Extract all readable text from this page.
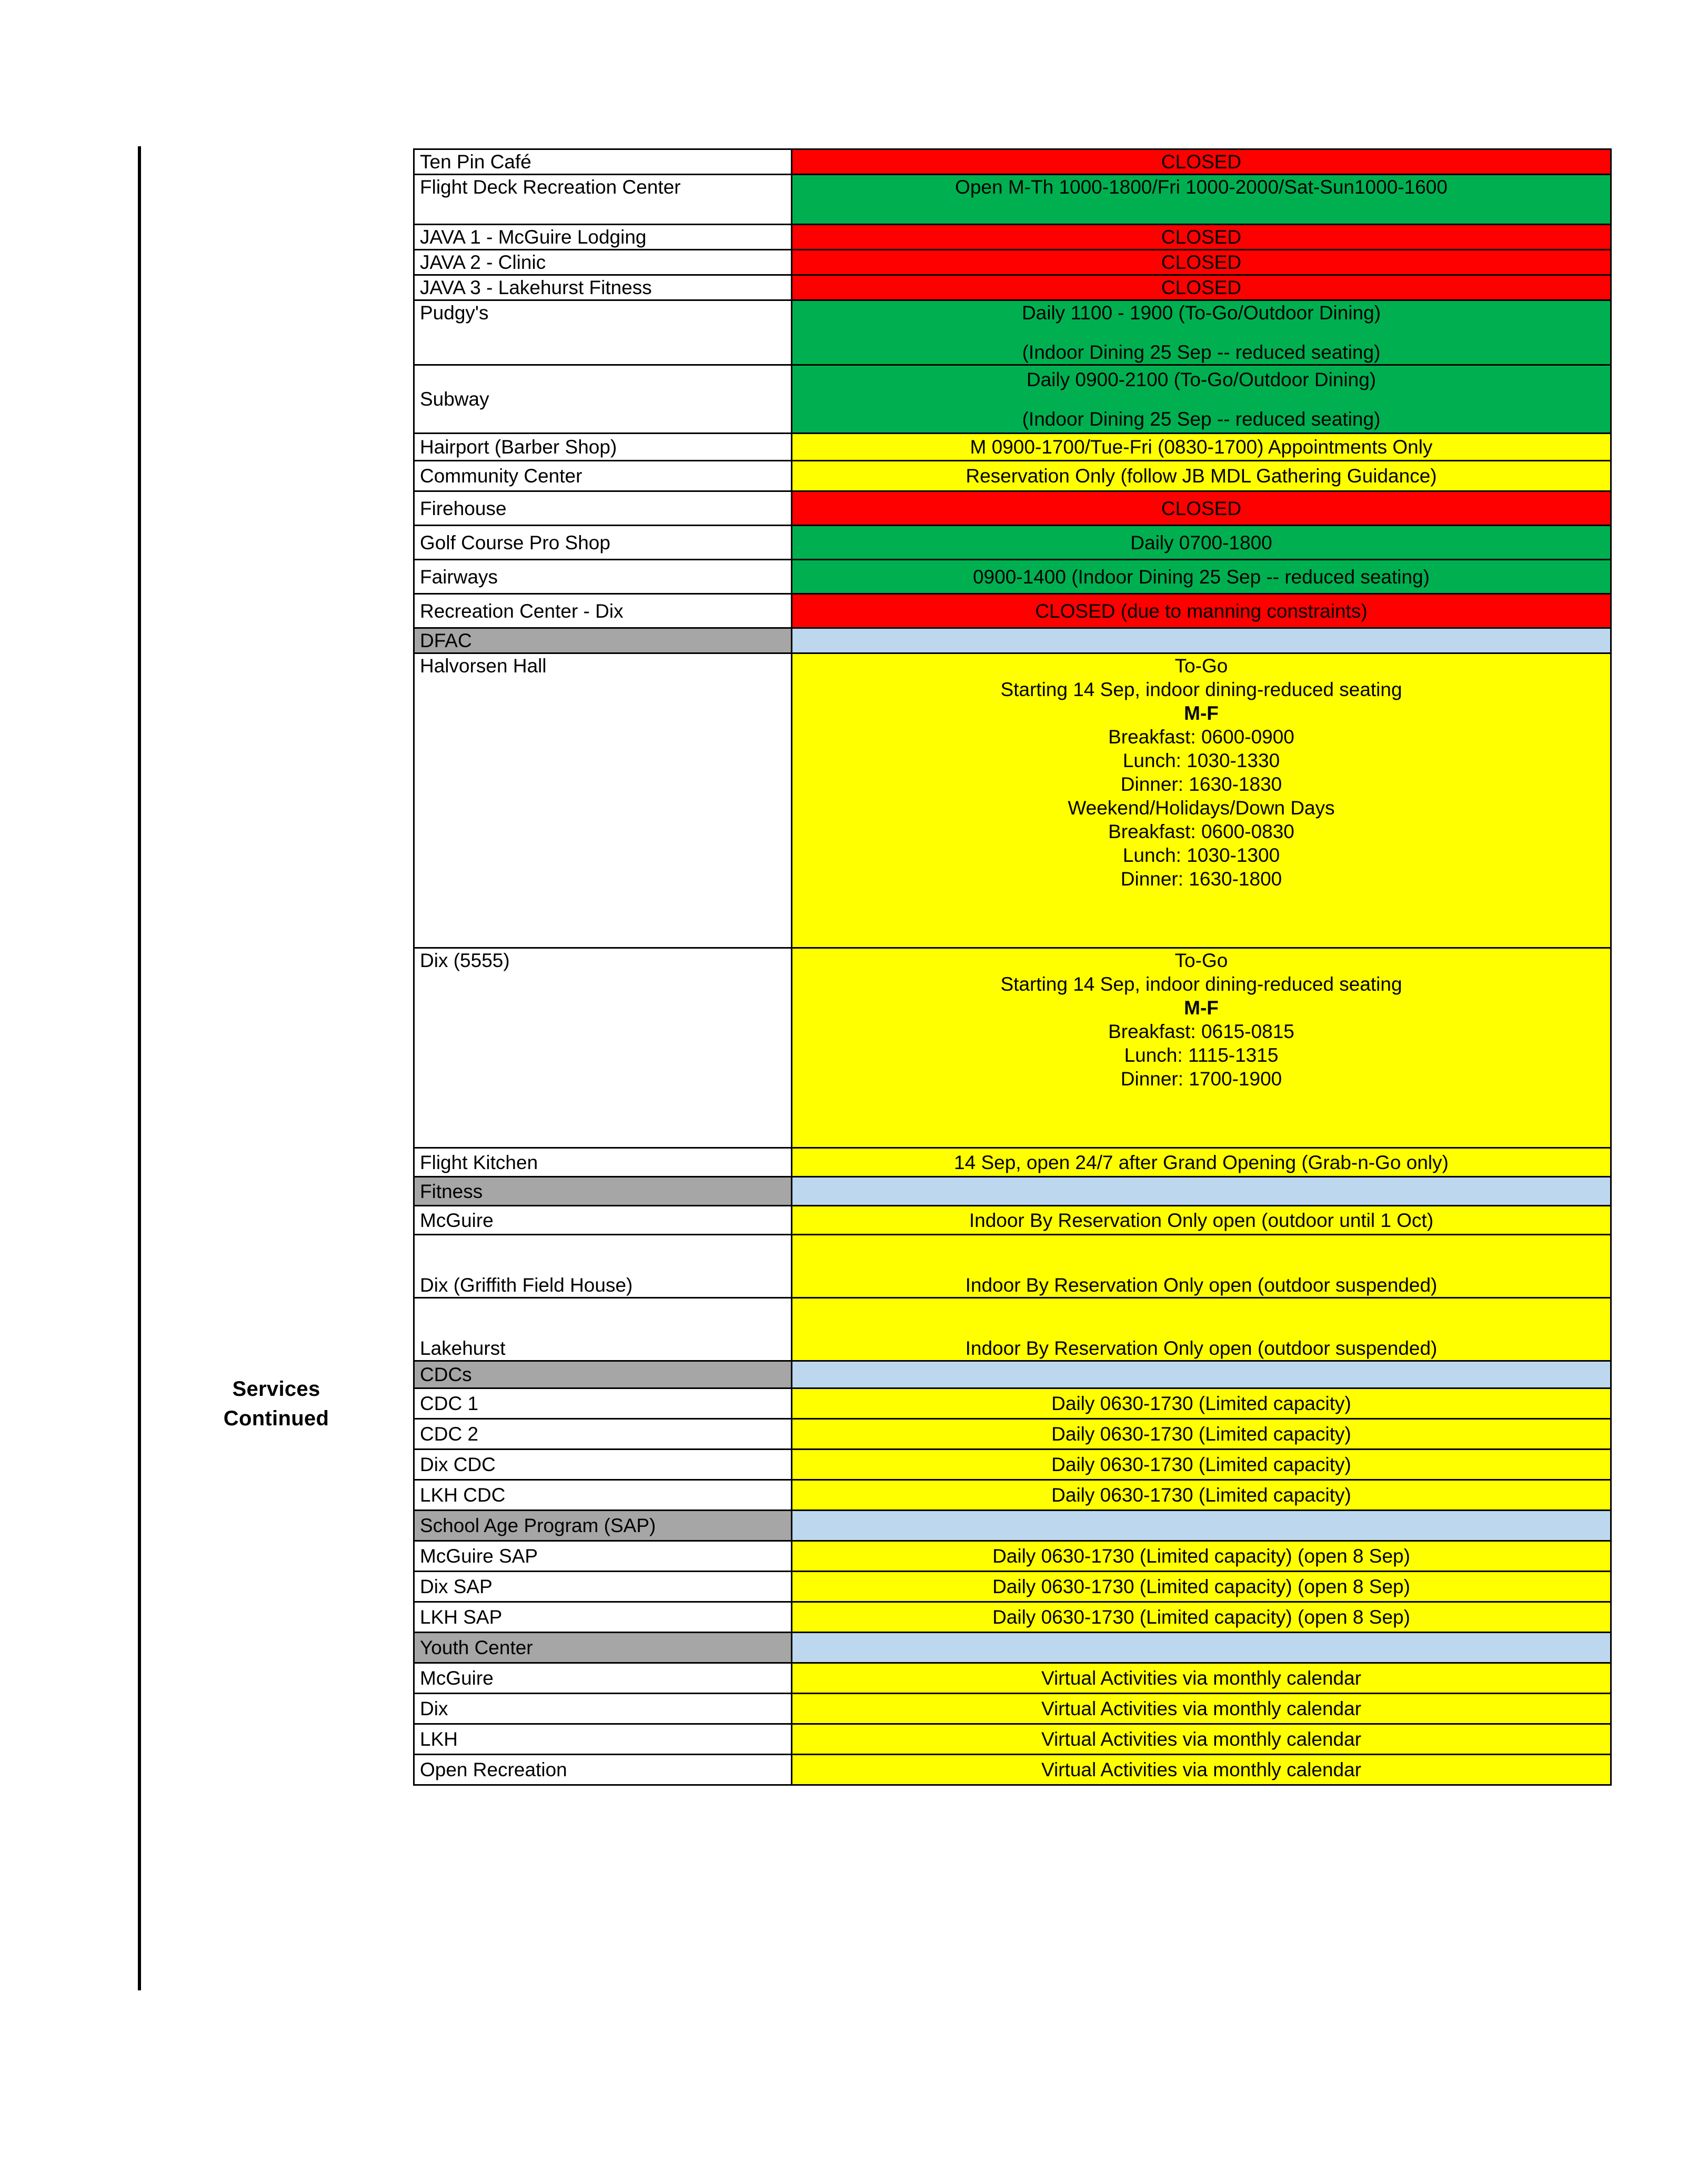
Services
Continued
Ten Pin Café	CLOSED

Flight Deck Recreation Center	Open M-Th 1000-1800/Fri 1000-2000/Sat-Sun1000-1600

JAVA 1 - McGuire Lodging	CLOSED

JAVA 2 - Clinic	CLOSED

JAVA 3 - Lakehurst Fitness	CLOSED

Pudgy's	Daily 1100 - 1900 (To-Go/Outdoor Dining)
(Indoor Dining 25 Sep -- reduced seating)

Subway	Daily 0900-2100 (To-Go/Outdoor Dining)
(Indoor Dining 25 Sep -- reduced seating)

Hairport (Barber Shop)	M 0900-1700/Tue-Fri (0830-1700) Appointments Only

Community Center	Reservation Only (follow JB MDL Gathering Guidance)

Firehouse	CLOSED

Golf Course Pro Shop	Daily 0700-1800

Fairways	0900-1400 (Indoor Dining 25 Sep -- reduced seating)

Recreation Center - Dix	CLOSED (due to manning constraints)

DFAC	

Halvorsen Hall	To-Go
Starting 14 Sep, indoor dining-reduced seating
M-F
Breakfast: 0600-0900
Lunch: 1030-1330
Dinner: 1630-1830
Weekend/Holidays/Down Days
Breakfast: 0600-0830
Lunch: 1030-1300
Dinner: 1630-1800

Dix (5555)	To-Go
Starting 14 Sep, indoor dining-reduced seating
M-F
Breakfast: 0615-0815
Lunch: 1115-1315
Dinner: 1700-1900

Flight Kitchen	14 Sep, open 24/7 after Grand Opening (Grab-n-Go only)

Fitness	

McGuire	Indoor By Reservation Only open (outdoor until 1 Oct)

Dix (Griffith Field House)	Indoor By Reservation Only open (outdoor suspended)

Lakehurst	Indoor By Reservation Only open (outdoor suspended)

CDCs	

CDC 1	Daily 0630-1730 (Limited capacity)

CDC 2	Daily 0630-1730 (Limited capacity)

Dix CDC	Daily 0630-1730 (Limited capacity)

LKH CDC	Daily 0630-1730 (Limited capacity)

School Age Program (SAP)	

McGuire SAP	Daily 0630-1730 (Limited capacity) (open 8 Sep)

Dix SAP	Daily 0630-1730 (Limited capacity) (open 8 Sep)

LKH SAP	Daily 0630-1730 (Limited capacity) (open 8 Sep)

Youth Center	

McGuire	Virtual Activities via monthly calendar

Dix	Virtual Activities via monthly calendar

LKH	Virtual Activities via monthly calendar

Open Recreation	Virtual Activities via monthly calendar
